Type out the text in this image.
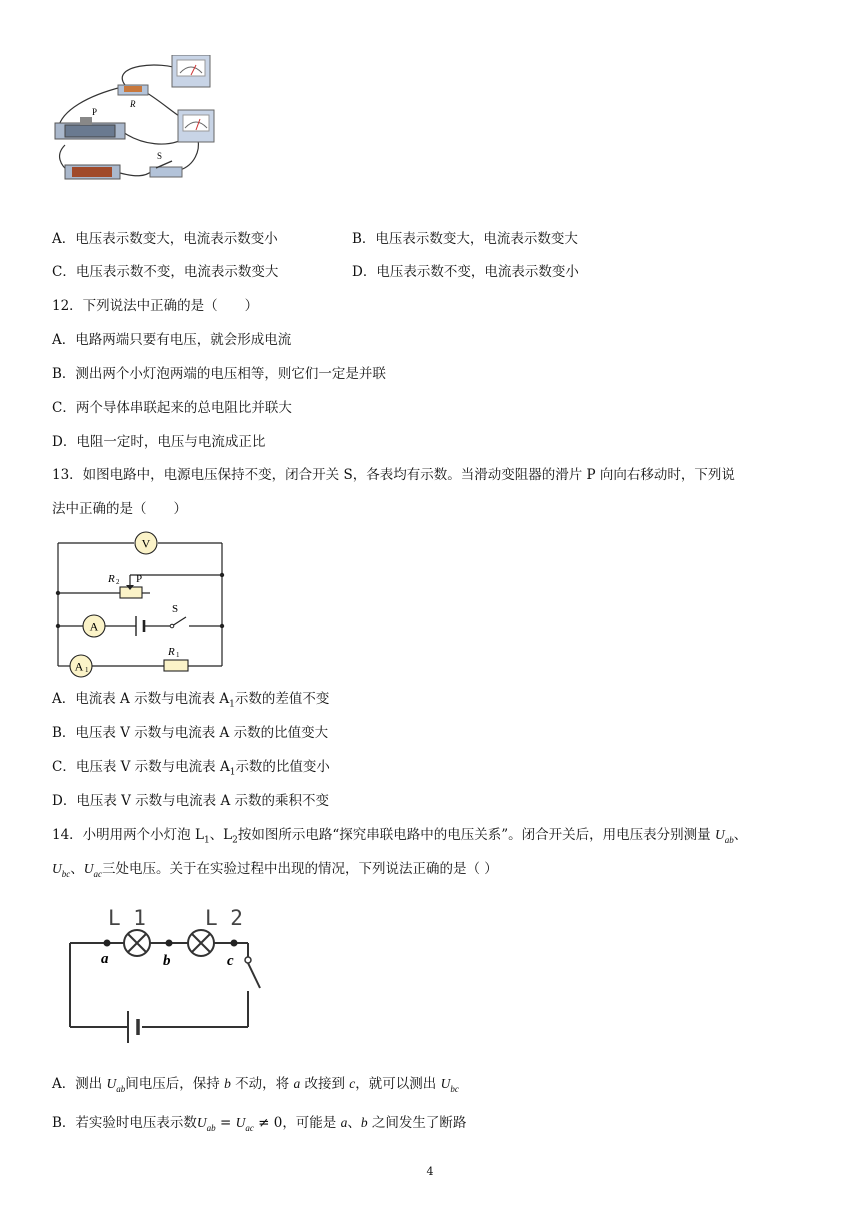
R
P
S
A．电压表示数变大，电流表示数变小	B．电压表示数变大，电流表示数变大
C．电压表示数不变，电流表示数变大	D．电压表示数不变，电流表示数变小
12．下列说法中正确的是（　　）
A．电路两端只要有电压，就会形成电流
B．测出两个小灯泡两端的电压相等，则它们一定是并联
C．两个导体串联起来的总电阻比并联大
D．电阻一定时，电压与电流成正比
13．如图电路中，电源电压保持不变，闭合开关 S，各表均有示数。当滑动变阻器的滑片 P 向向右移动时，下列说
法中正确的是（　　）
R 2 P
S
R 1
V
A
A 1
A．电流表 A 示数与电流表 $A_1$示数的差值不变
B．电压表 V 示数与电流表 A 示数的比值变大
C．电压表 V 示数与电流表 $A_1$示数的比值变小
D．电压表 V 示数与电流表 A 示数的乘积不变
14．小明用两个小灯泡 $L_1$、$L_2$按如图所示电路“探究串联电路中的电压关系”。闭合开关后，用电压表分别测量 $U_{ab}$、
$U_{bc}$、$U_{ac}$三处电压。关于在实验过程中出现的情况，下列说法正确的是（ ）
L 1	L 2
a	b	c
A．测出 $U_{ab}$间电压后，保持 b 不动，将 a 改接到 c，就可以测出 $U_{bc}$
B．若实验时电压表示数$U_{ab} = U_{ac} \ne 0$，可能是 a、b 之间发生了断路
4
